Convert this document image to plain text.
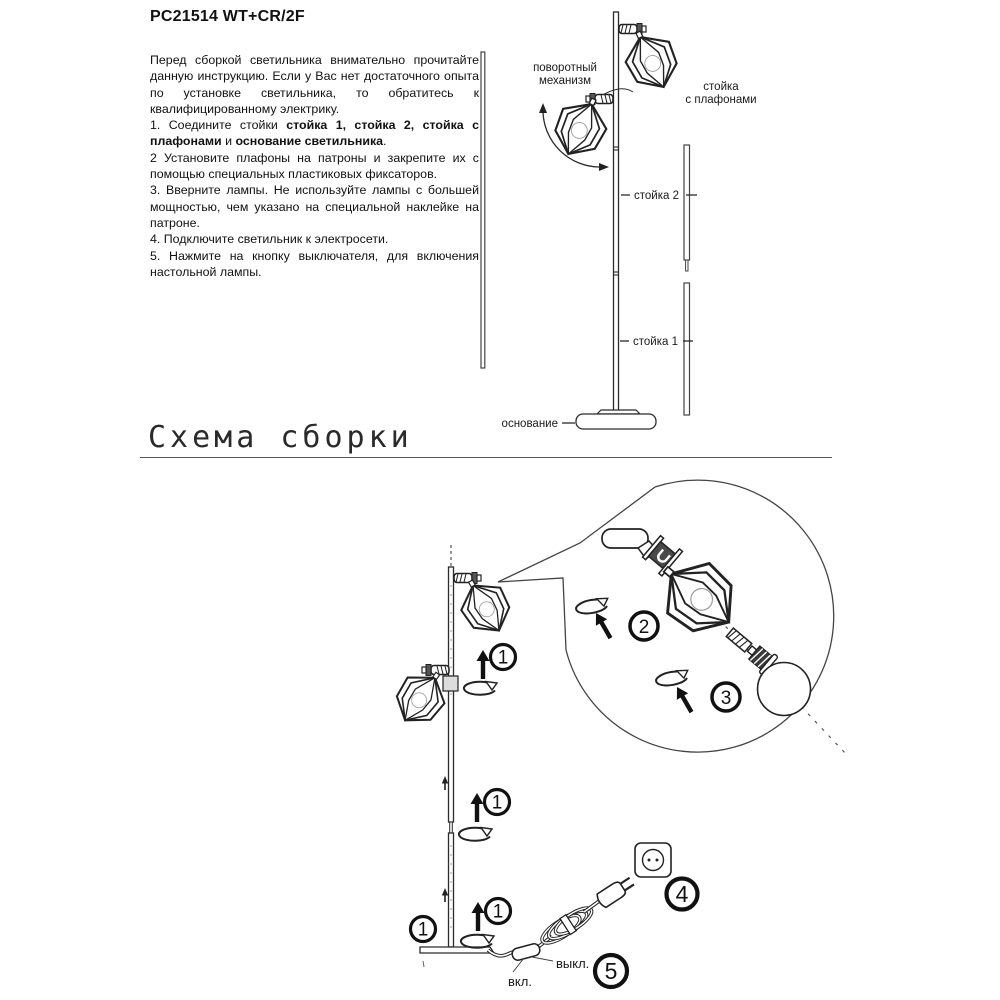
PC21514 WT+CR/2F

Перед сборкой светильника внимательно прочитайте данную инструкцию. Если у Вас нет достаточного опыта по установке светильника, то обратитесь к квалифицированному электрику.

1. Соедините стойки стойка 1, стойка 2, стойка с плафонами и основание светильника.

2 Установите плафоны на патроны и закрепите их с помощью специальных пластиковых фиксаторов.

3. Вверните лампы. Не используйте лампы с большей мощностью, чем указано на специальной наклейке на патроне.

4. Подключите светильник к электросети.

5. Нажмите на кнопку выключателя, для включения настольной лампы.

Схема сборки
поворотный
механизм	стойка
с плафонами
стойка 2
стойка 1
основание
2
3
1
1
1
1
выкл.
вкл.
4
5
